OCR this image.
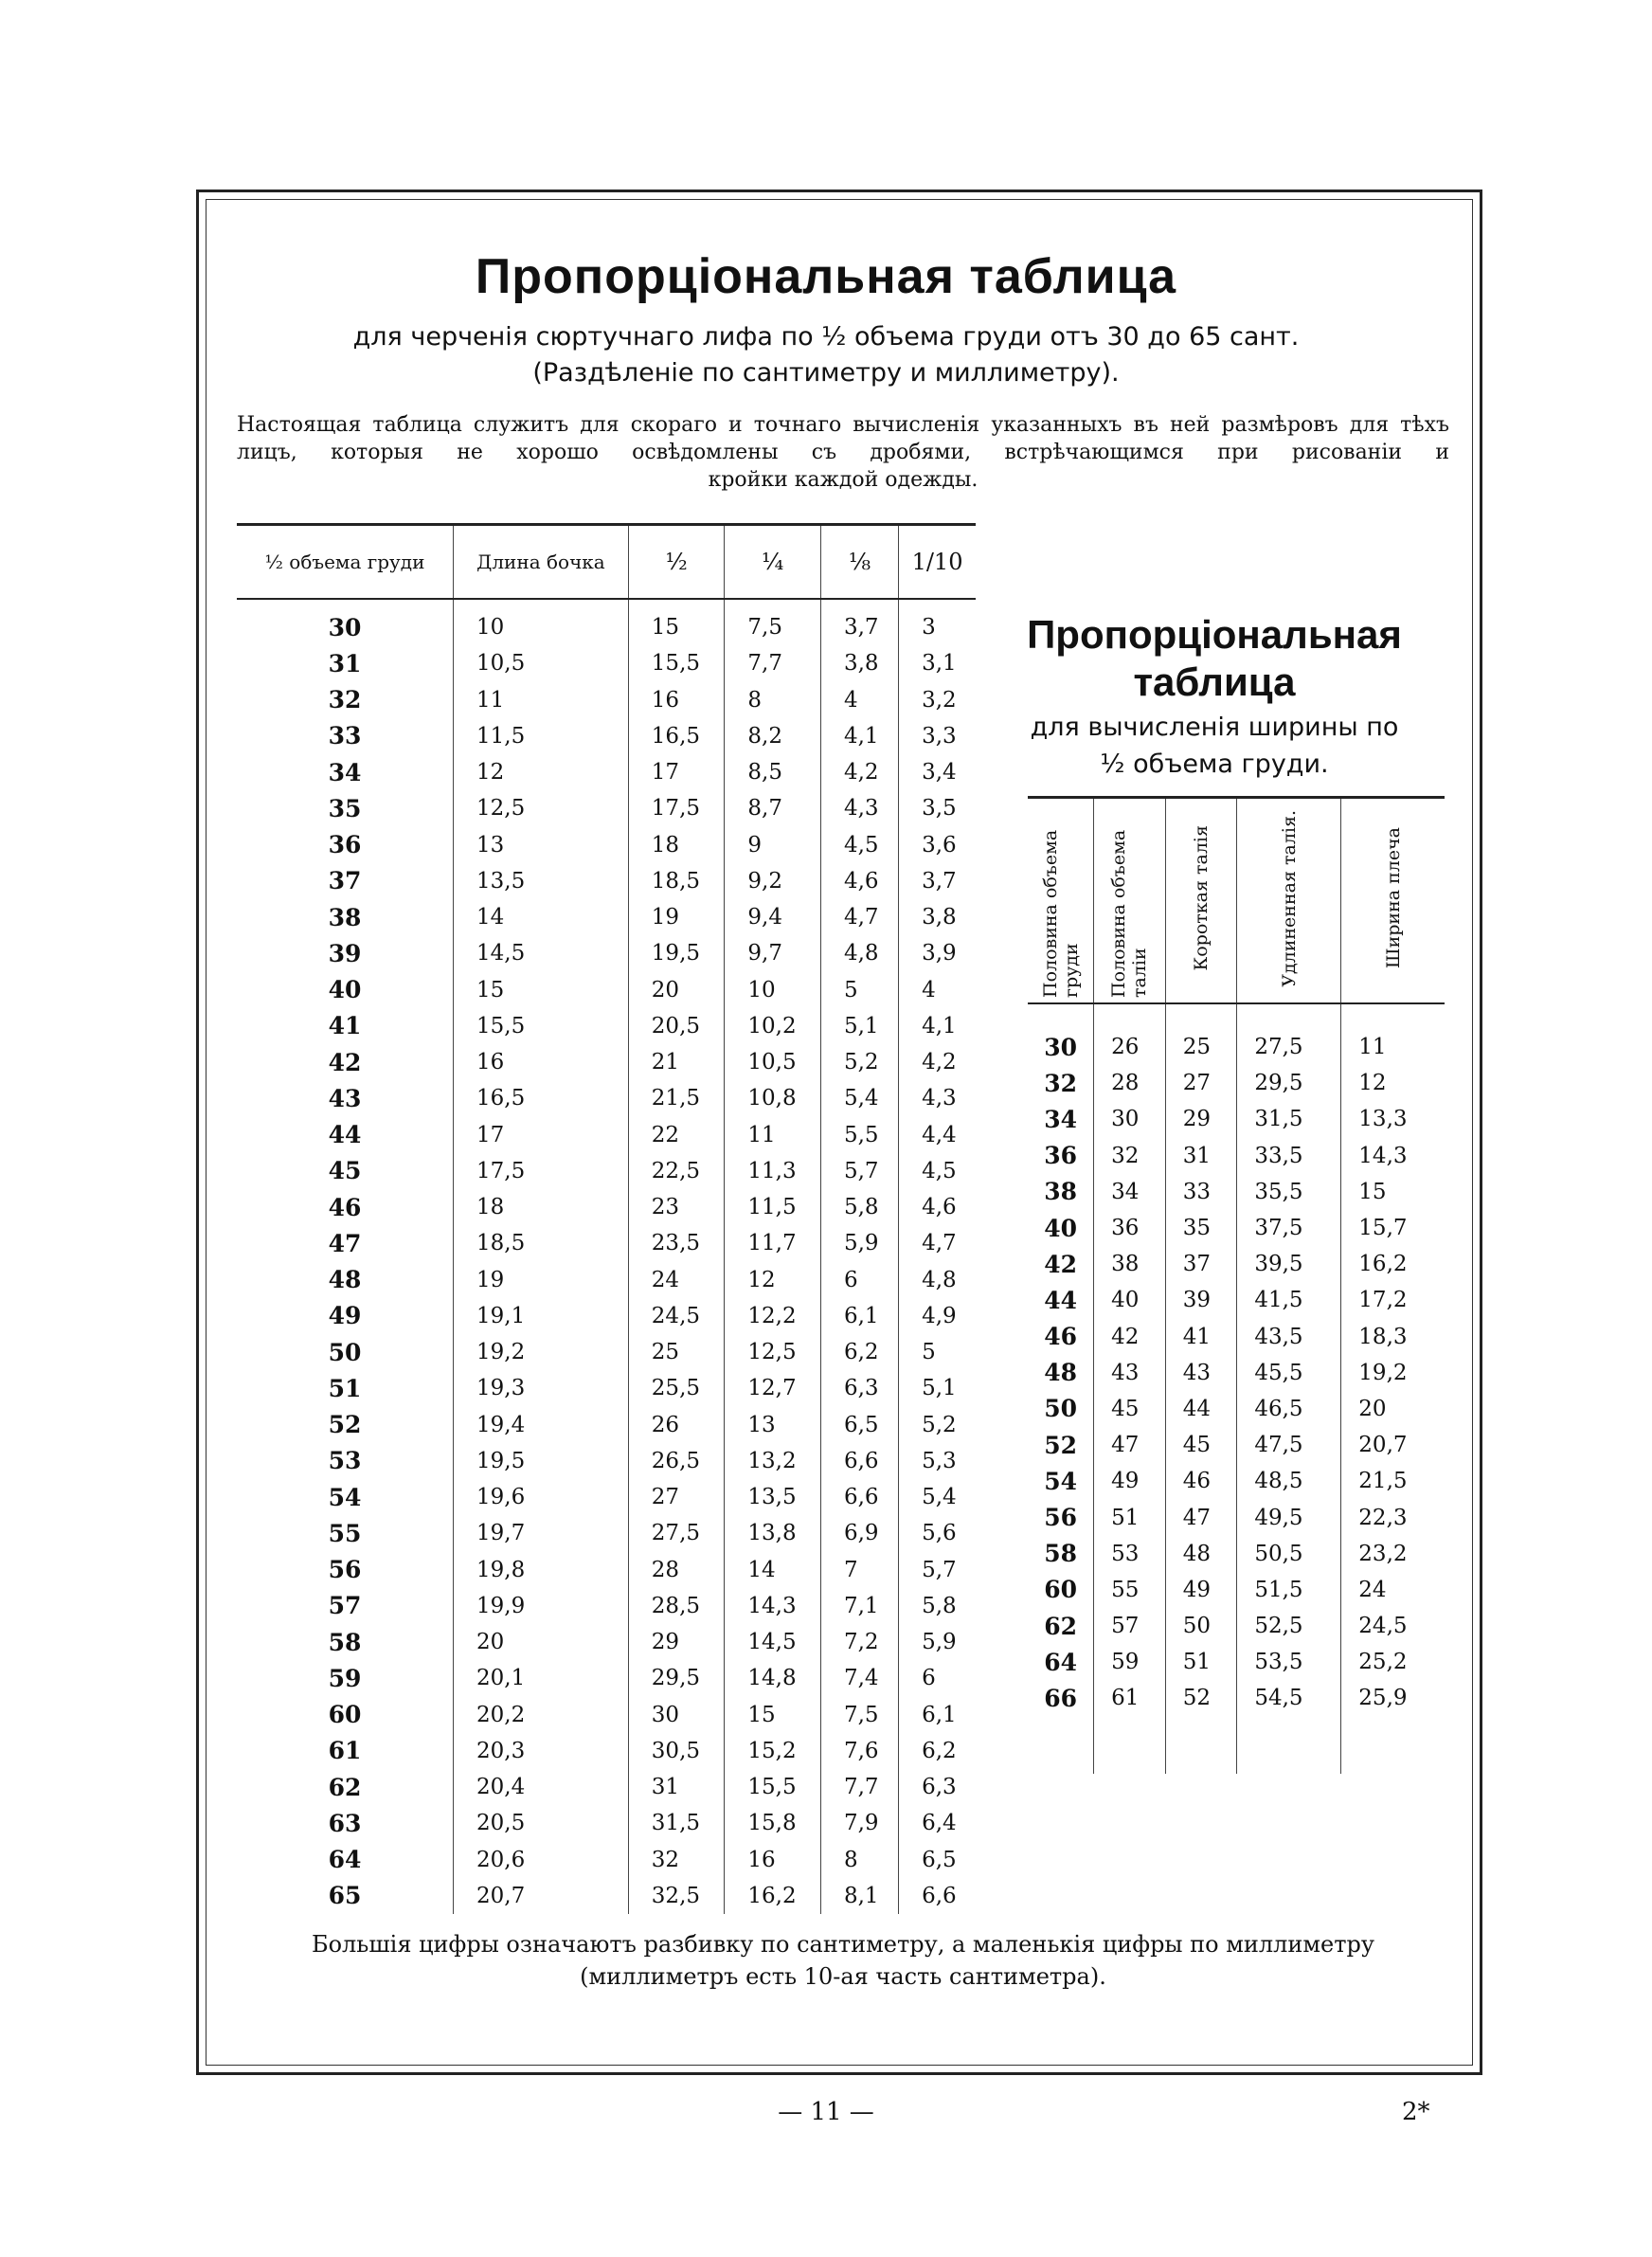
Пропорціональная таблица
для черченія сюртучнаго лифа по ½ объема груди отъ 30 до 65 сант.
(Раздѣленіе по сантиметру и миллиметру).
Настоящая таблица служитъ для скораго и точнаго вычисленія указанныхъ въ ней размѣровъ для тѣхъ лицъ, которыя не хорошо освѣдомлены съ дробями, встрѣчающимся при рисованіи и
кройки каждой одежды.
½ объема груди	Длина бочка	½	¼	⅛	1/10
30	10	15	7,5	3,7	3
31	10,5	15,5	7,7	3,8	3,1
32	11	16	8	4	3,2
33	11,5	16,5	8,2	4,1	3,3
34	12	17	8,5	4,2	3,4
35	12,5	17,5	8,7	4,3	3,5
36	13	18	9	4,5	3,6
37	13,5	18,5	9,2	4,6	3,7
38	14	19	9,4	4,7	3,8
39	14,5	19,5	9,7	4,8	3,9
40	15	20	10	5	4
41	15,5	20,5	10,2	5,1	4,1
42	16	21	10,5	5,2	4,2
43	16,5	21,5	10,8	5,4	4,3
44	17	22	11	5,5	4,4
45	17,5	22,5	11,3	5,7	4,5
46	18	23	11,5	5,8	4,6
47	18,5	23,5	11,7	5,9	4,7
48	19	24	12	6	4,8
49	19,1	24,5	12,2	6,1	4,9
50	19,2	25	12,5	6,2	5
51	19,3	25,5	12,7	6,3	5,1
52	19,4	26	13	6,5	5,2
53	19,5	26,5	13,2	6,6	5,3
54	19,6	27	13,5	6,6	5,4
55	19,7	27,5	13,8	6,9	5,6
56	19,8	28	14	7	5,7
57	19,9	28,5	14,3	7,1	5,8
58	20	29	14,5	7,2	5,9
59	20,1	29,5	14,8	7,4	6
60	20,2	30	15	7,5	6,1
61	20,3	30,5	15,2	7,6	6,2
62	20,4	31	15,5	7,7	6,3
63	20,5	31,5	15,8	7,9	6,4
64	20,6	32	16	8	6,5
65	20,7	32,5	16,2	8,1	6,6
Пропорціональная
таблица
для вычисленія ширины по
½ объема груди.
Половина объема груди	Половина объема таліи	Короткая талія	Удлиненная талія.	Ширина плеча
30	26	25	27,5	11
32	28	27	29,5	12
34	30	29	31,5	13,3
36	32	31	33,5	14,3
38	34	33	35,5	15
40	36	35	37,5	15,7
42	38	37	39,5	16,2
44	40	39	41,5	17,2
46	42	41	43,5	18,3
48	43	43	45,5	19,2
50	45	44	46,5	20
52	47	45	47,5	20,7
54	49	46	48,5	21,5
56	51	47	49,5	22,3
58	53	48	50,5	23,2
60	55	49	51,5	24
62	57	50	52,5	24,5
64	59	51	53,5	25,2
66	61	52	54,5	25,9

Большія цифры означаютъ разбивку по сантиметру, а маленькія цифры по миллиметру
(миллиметръ есть 10-ая часть сантиметра).
— 11 —	2*
